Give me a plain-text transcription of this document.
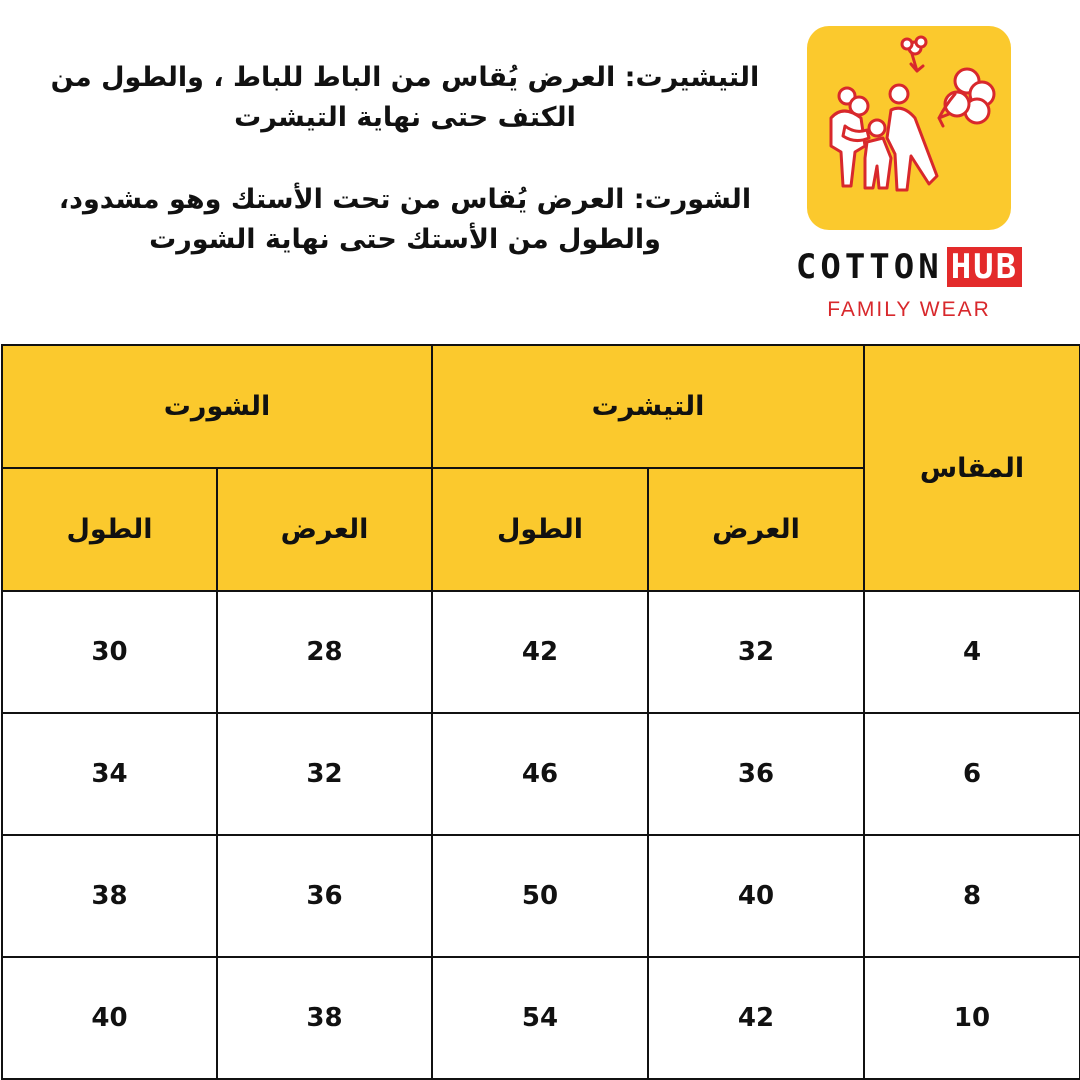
التيشيرت: العرض يُقاس من الباط للباط ، والطول من الكتف حتى نهاية التيشرت
الشورت: العرض يُقاس من تحت الأستك وهو مشدود، والطول من الأستك حتى نهاية الشورت
COTTON HUB
FAMILY WEAR
المقاس	التيشرت		الشورت	
	العرض	الطول	العرض	الطول
4	32	42	28	30
6	36	46	32	34
8	40	50	36	38
10	42	54	38	40
